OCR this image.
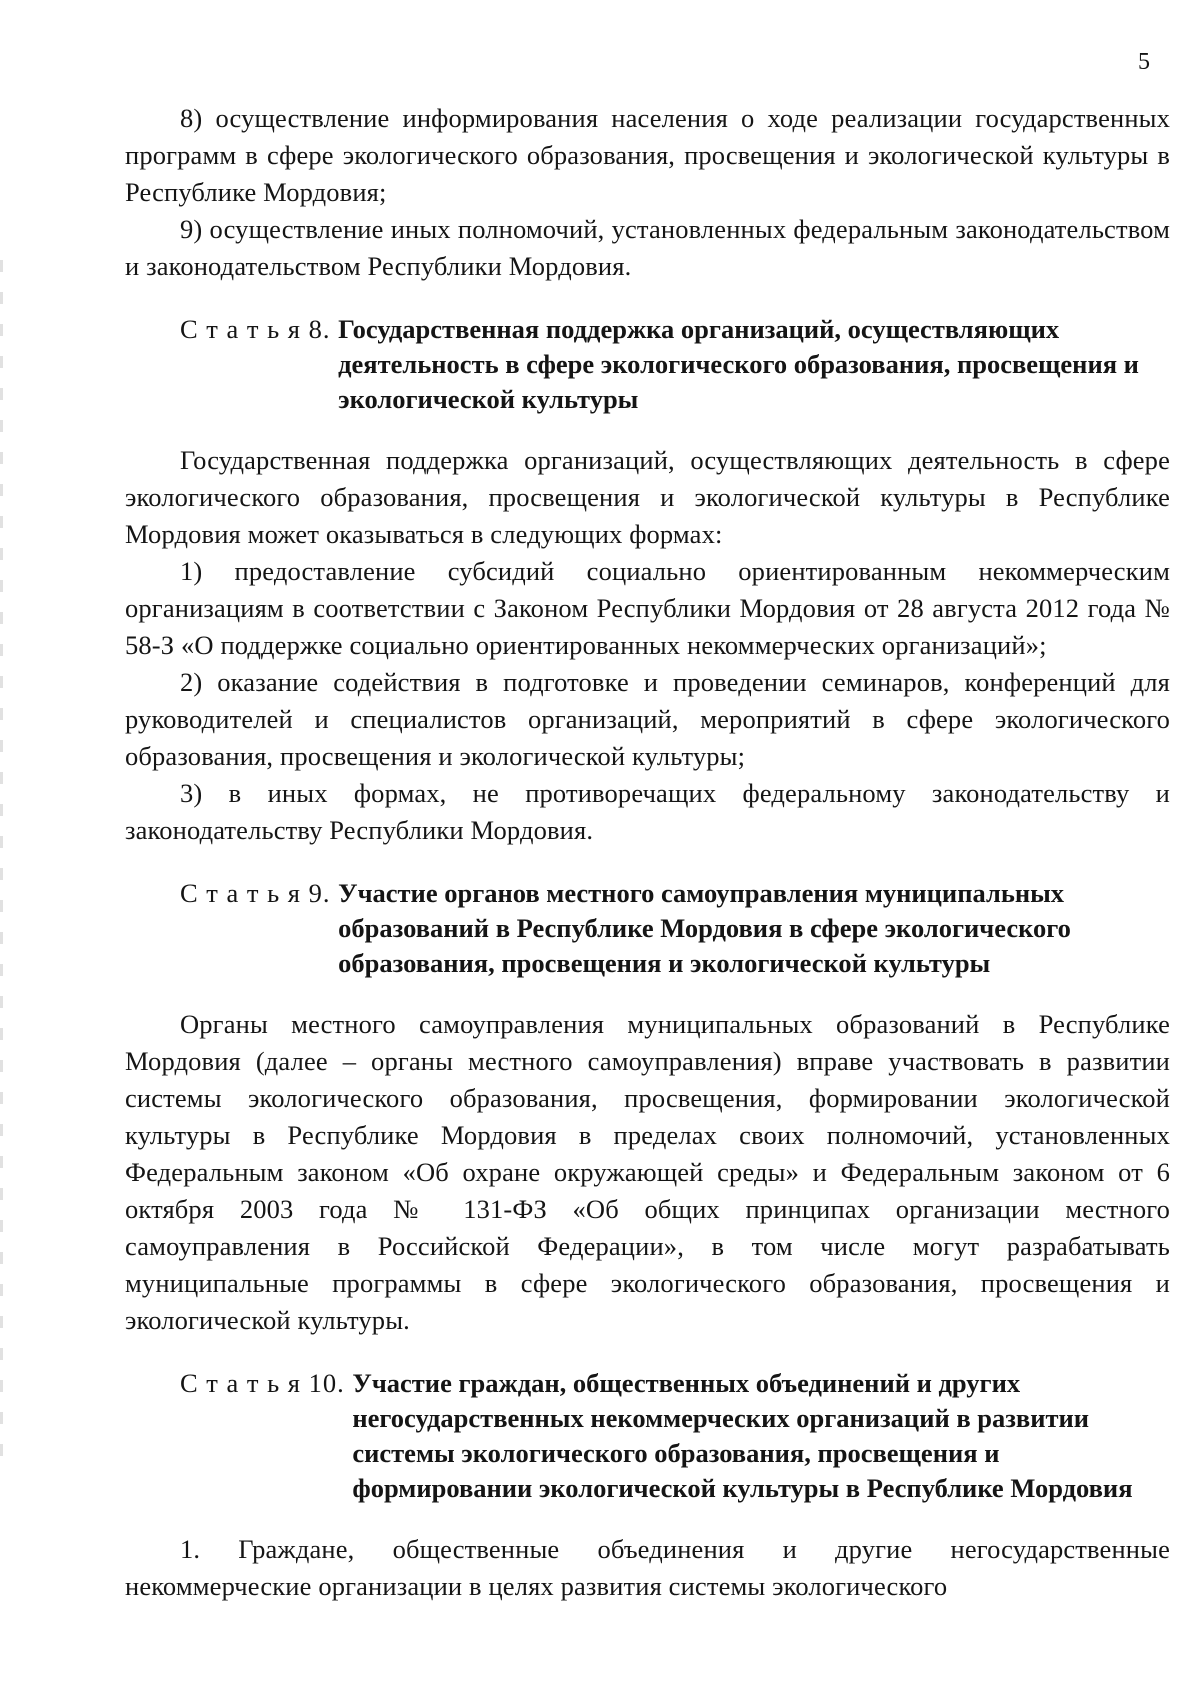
5

8) осуществление информирования населения о ходе реализации государственных программ в сфере экологического образования, просвещения и экологической культуры в Республике Мордовия;

9) осуществление иных полномочий, установленных федеральным законодательством и законодательством Республики Мордовия.

С т а т ь я 8. Государственная поддержка организаций, осуществляющих деятельность в сфере экологического образования, просвещения и экологической культуры

Государственная поддержка организаций, осуществляющих деятельность в сфере экологического образования, просвещения и экологической культуры в Республике Мордовия может оказываться в следующих формах:

1) предоставление субсидий социально ориентированным некоммерческим организациям в соответствии с Законом Республики Мордовия от 28 августа 2012 года № 58-З «О поддержке социально ориентированных некоммерческих организаций»;

2) оказание содействия в подготовке и проведении семинаров, конференций для руководителей и специалистов организаций, мероприятий в сфере экологического образования, просвещения и экологической культуры;

3) в иных формах, не противоречащих федеральному законодательству и законодательству Республики Мордовия.

С т а т ь я 9. Участие органов местного самоуправления муниципальных образований в Республике Мордовия в сфере экологического образования, просвещения и экологической культуры

Органы местного самоуправления муниципальных образований в Республике Мордовия (далее – органы местного самоуправления) вправе участвовать в развитии системы экологического образования, просвещения, формировании экологической культуры в Республике Мордовия в пределах своих полномочий, установленных Федеральным законом «Об охране окружающей среды» и Федеральным законом от 6 октября 2003 года № 131-ФЗ «Об общих принципах организации местного самоуправления в Российской Федерации», в том числе могут разрабатывать муниципальные программы в сфере экологического образования, просвещения и экологической культуры.

С т а т ь я 10. Участие граждан, общественных объединений и других негосударственных некоммерческих организаций в развитии системы экологического образования, просвещения и формировании экологической культуры в Республике Мордовия

1. Граждане, общественные объединения и другие негосударственные некоммерческие организации в целях развития системы экологического
